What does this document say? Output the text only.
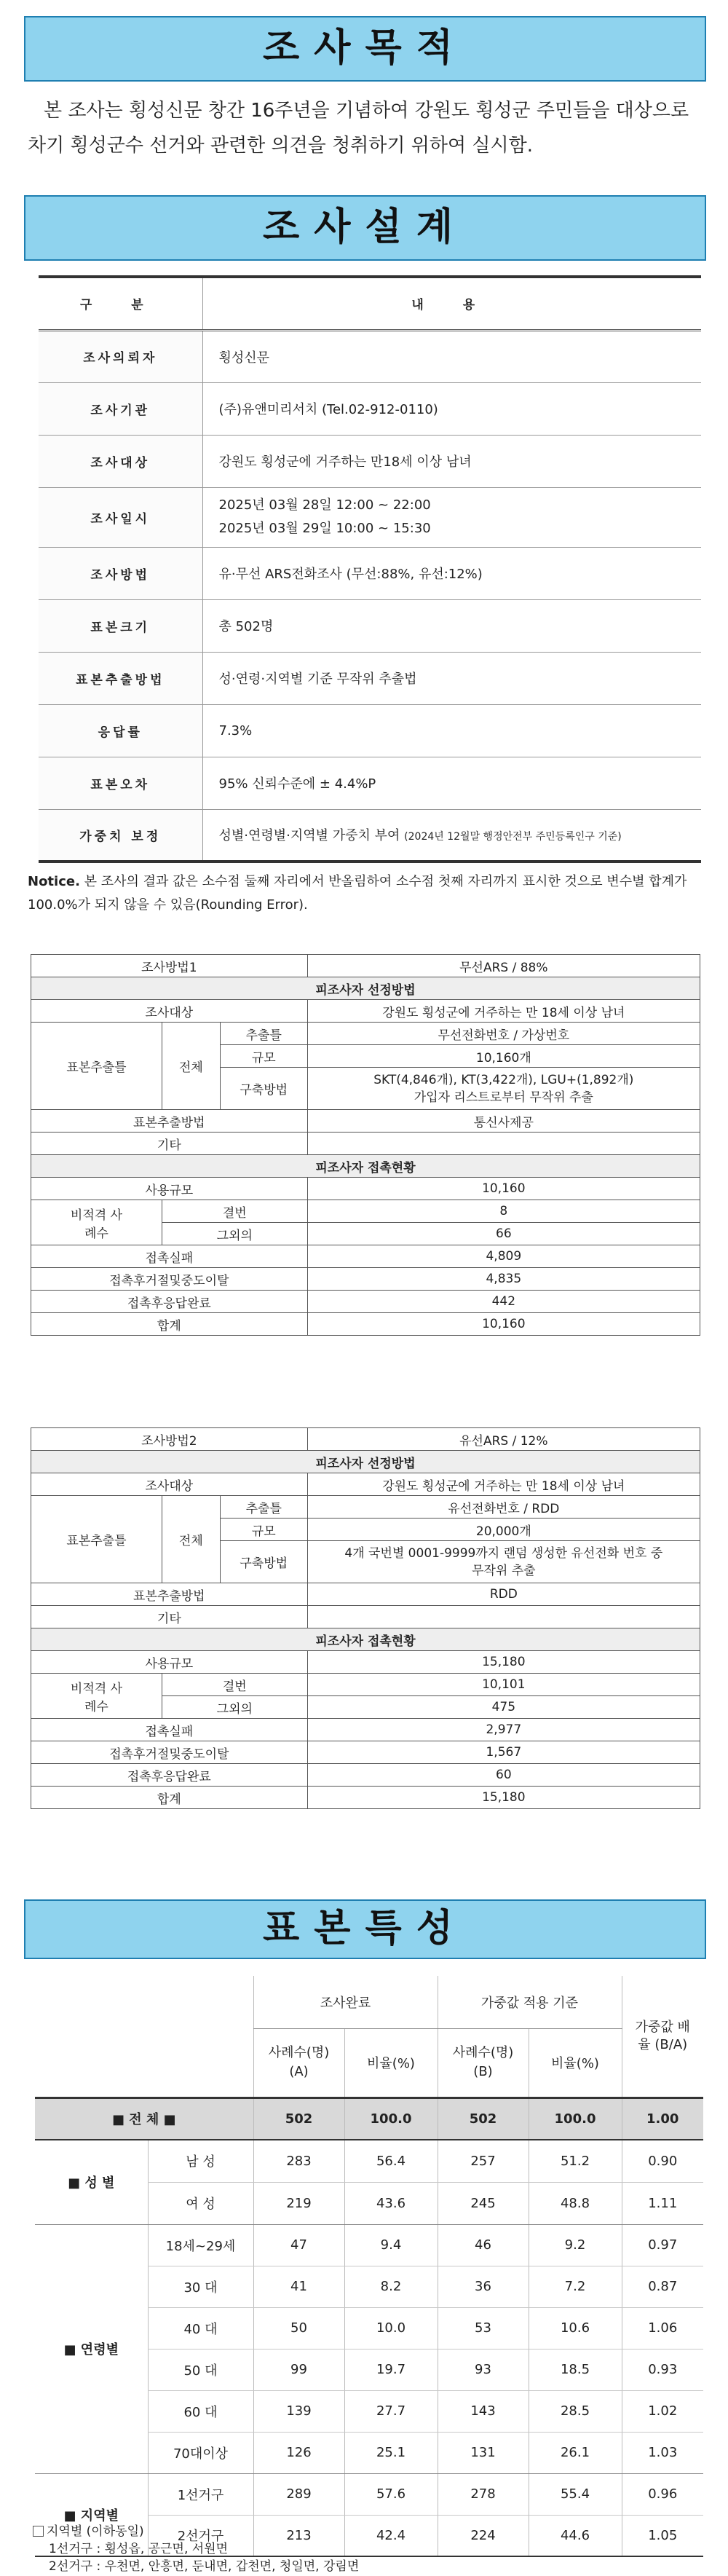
조사목적
본 조사는 횡성신문 창간 16주년을 기념하여 강원도 횡성군 주민들을 대상으로 차기 횡성군수 선거와 관련한 의견을 청취하기 위하여 실시함.
조사설계
구 분	내 용
조사의뢰자	횡성신문
조사기관	(주)유앤미리서치 (Tel.02-912-0110)
조사대상	강원도 횡성군에 거주하는 만18세 이상 남녀
조사일시	2025년 03월 28일 12:00 ~ 22:00
2025년 03월 29일 10:00 ~ 15:30

조사방법	유·무선 ARS전화조사 (무선:88%, 유선:12%)
표본크기	총 502명
표본추출방법	성·연령·지역별 기준 무작위 추출법
응답률	7.3%
표본오차	95% 신뢰수준에 ± 4.4%P
가중치 보정	성별·연령별·지역별 가중치 부여 (2024년 12월말 행정안전부 주민등록인구 기준)
Notice. 본 조사의 결과 값은 소수점 둘째 자리에서 반올림하여 소수점 첫째 자리까지 표시한 것으로 변수별 합계가 100.0%가 되지 않을 수 있음(Rounding Error).
조사방법1			무선ARS / 88%
피조사자 선정방법			
조사대상			강원도 횡성군에 거주하는 만 18세 이상 남녀
표본추출틀	전체	추출틀	무선전화번호 / 가상번호
		규모	10,160개
		구축방법	SKT(4,846개), KT(3,422개), LGU+(1,892개)
가입자 리스트로부터 무작위 추출

표본추출방법			통신사제공
기타			
피조사자 접촉현황			
사용규모			10,160
비적격 사례수	결번		8
	그외의		66
접촉실패			4,809
접촉후거절및중도이탈			4,835
접촉후응답완료			442
합계			10,160
조사방법2			유선ARS / 12%
피조사자 선정방법			
조사대상			강원도 횡성군에 거주하는 만 18세 이상 남녀
표본추출틀	전체	추출틀	유선전화번호 / RDD
		규모	20,000개
		구축방법	4개 국번별 0001-9999까지 랜덤 생성한 유선전화 번호 중
무작위 추출

표본추출방법			RDD
기타			
피조사자 접촉현황			
사용규모			15,180
비적격 사례수	결번		10,101
	그외의		475
접촉실패			2,977
접촉후거절및중도이탈			1,567
접촉후응답완료			60
합계			15,180
표본특성
		조사완료		가중값 적용 기준		가중값 배율 (B/A)
		사례수(명) (A)	비율(%)	사례수(명) (B)	비율(%)	
■ 전 체 ■		502	100.0	502	100.0	1.00
■ 성 별	남 성	283	56.4	257	51.2	0.90
	여 성	219	43.6	245	48.8	1.11
■ 연령별	18세~29세	47	9.4	46	9.2	0.97
	30 대	41	8.2	36	7.2	0.87
	40 대	50	10.0	53	10.6	1.06
	50 대	99	19.7	93	18.5	0.93
	60 대	139	27.7	143	28.5	1.02
	70대이상	126	25.1	131	26.1	1.03
■ 지역별	1선거구	289	57.6	278	55.4	0.96
	2선거구	213	42.4	224	44.6	1.05
지역별 (이하동일)
1선거구 : 횡성읍, 공근면, 서원면
2선거구 : 우천면, 안흥면, 둔내면, 갑천면, 청일면, 강림면
